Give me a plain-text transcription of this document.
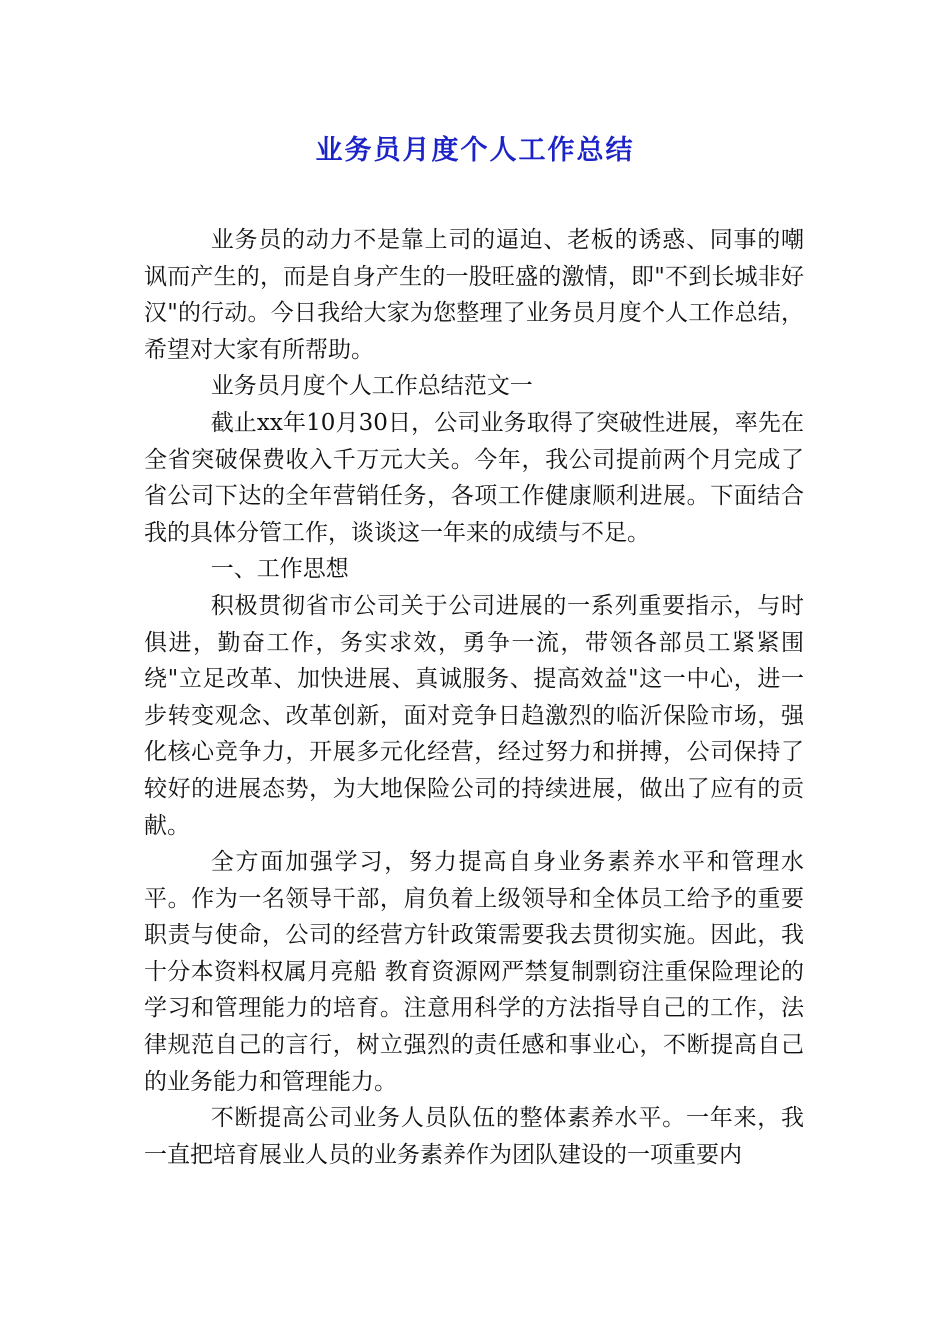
业务员月度个人工作总结

业务员的动力不是靠上司的逼迫、老板的诱惑、同事的嘲讽而产生的，而是自身产生的一股旺盛的激情，即"不到长城非好汉"的行动。今日我给大家为您整理了业务员月度个人工作总结，希望对大家有所帮助。

业务员月度个人工作总结范文一

截止xx年10月30日，公司业务取得了突破性进展，率先在全省突破保费收入千万元大关。今年，我公司提前两个月完成了省公司下达的全年营销任务，各项工作健康顺利进展。下面结合我的具体分管工作，谈谈这一年来的成绩与不足。

一、工作思想

积极贯彻省市公司关于公司进展的一系列重要指示，与时俱进，勤奋工作，务实求效，勇争一流，带领各部员工紧紧围绕"立足改革、加快进展、真诚服务、提高效益"这一中心，进一步转变观念、改革创新，面对竞争日趋激烈的临沂保险市场，强化核心竞争力，开展多元化经营，经过努力和拼搏，公司保持了较好的进展态势，为大地保险公司的持续进展，做出了应有的贡献。

全方面加强学习，努力提高自身业务素养水平和管理水平。作为一名领导干部，肩负着上级领导和全体员工给予的重要职责与使命，公司的经营方针政策需要我去贯彻实施。因此，我十分本资料权属月亮船 教育资源网严禁复制剽窃注重保险理论的学习和管理能力的培育。注意用科学的方法指导自己的工作，法律规范自己的言行，树立强烈的责任感和事业心，不断提高自己的业务能力和管理能力。

不断提高公司业务人员队伍的整体素养水平。一年来，我一直把培育展业人员的业务素养作为团队建设的一项重要内
